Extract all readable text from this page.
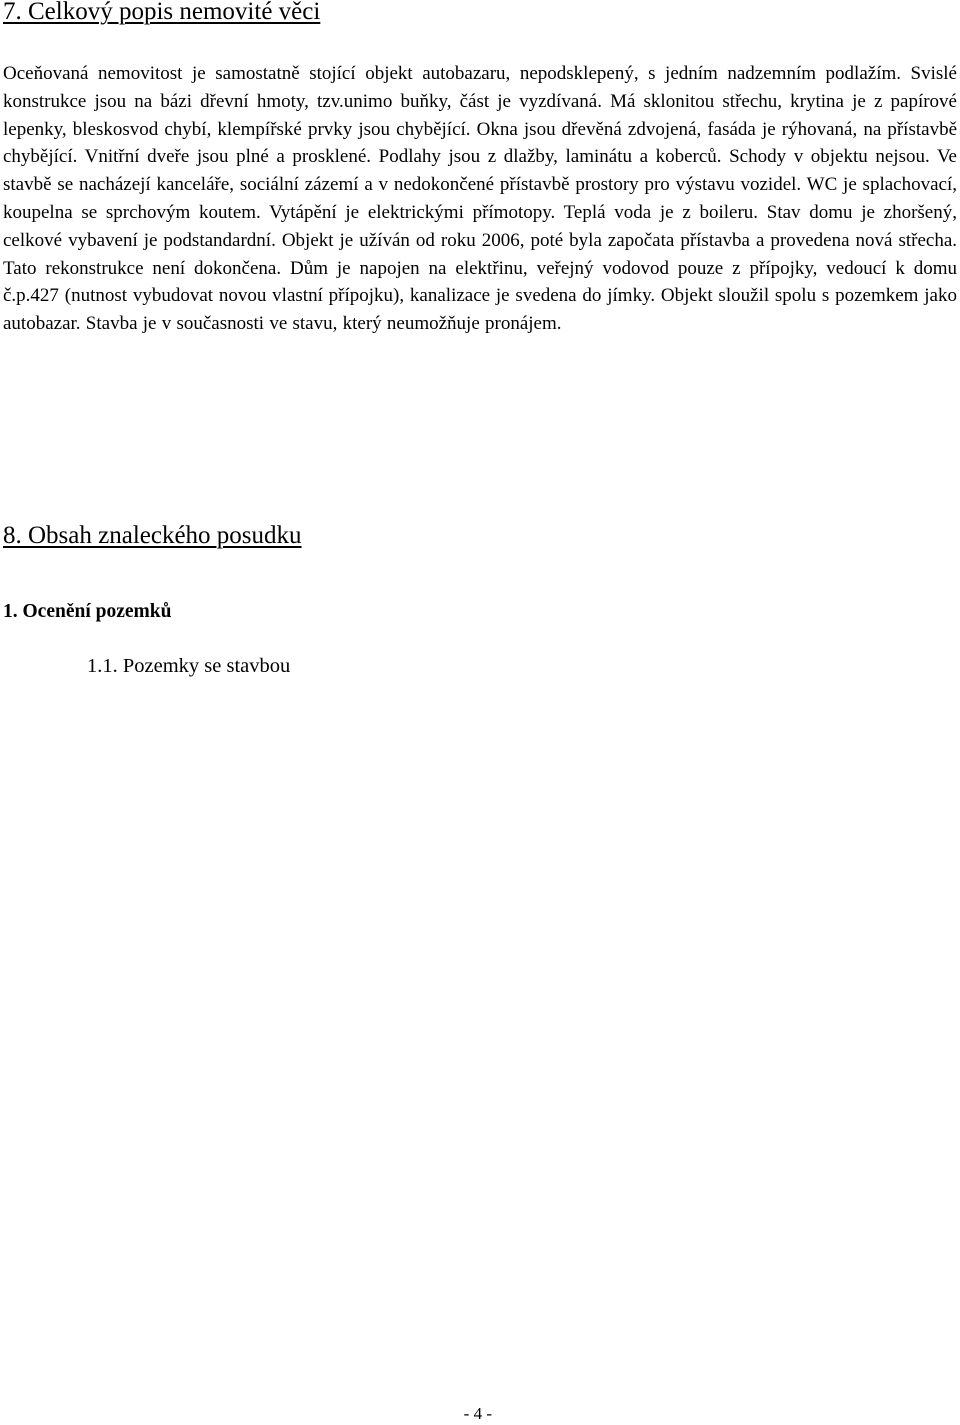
7. Celkový popis nemovité věci

Oceňovaná nemovitost je samostatně stojící objekt autobazaru, nepodsklepený, s jedním nadzemním podlažím. Svislé konstrukce jsou na bázi dřevní hmoty, tzv.unimo buňky, část je vyzdívaná. Má sklonitou střechu, krytina je z papírové lepenky, bleskosvod chybí, klempířské prvky jsou chybějící. Okna jsou dřevěná zdvojená, fasáda je rýhovaná, na přístavbě chybějící. Vnitřní dveře jsou plné a prosklené. Podlahy jsou z dlažby, laminátu a koberců. Schody v objektu nejsou. Ve stavbě se nacházejí kanceláře, sociální zázemí a v nedokončené přístavbě prostory pro výstavu vozidel. WC je splachovací, koupelna se sprchovým koutem. Vytápění je elektrickými přímotopy. Teplá voda je z boileru. Stav domu je zhoršený, celkové vybavení je podstandardní. Objekt je užíván od roku 2006, poté byla započata přístavba a provedena nová střecha. Tato rekonstrukce není dokončena. Dům je napojen na elektřinu, veřejný vodovod pouze z přípojky, vedoucí k domu č.p.427 (nutnost vybudovat novou vlastní přípojku), kanalizace je svedena do jímky. Objekt sloužil spolu s pozemkem jako autobazar. Stavba je v současnosti ve stavu, který neumožňuje pronájem.

8. Obsah znaleckého posudku
1. Ocenění pozemků
1.1. Pozemky se stavbou
- 4 -
